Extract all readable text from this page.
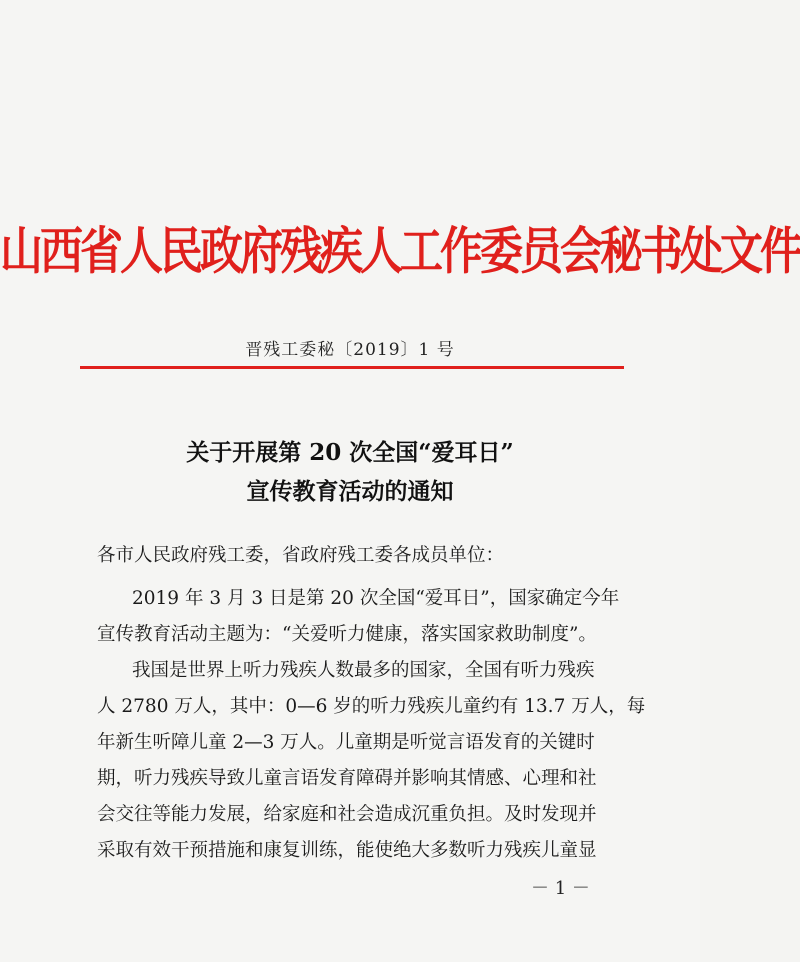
山西省人民政府残疾人工作委员会秘书处文件
晋残工委秘〔2019〕1 号
关于开展第 20 次全国“爱耳日”
宣传教育活动的通知
各市人民政府残工委，省政府残工委各成员单位：
2019 年 3 月 3 日是第 20 次全国“爱耳日”，国家确定今年
宣传教育活动主题为：“关爱听力健康，落实国家救助制度”。
我国是世界上听力残疾人数最多的国家，全国有听力残疾
人 2780 万人，其中：0—6 岁的听力残疾儿童约有 13.7 万人，每
年新生听障儿童 2—3 万人。儿童期是听觉言语发育的关键时
期，听力残疾导致儿童言语发育障碍并影响其情感、心理和社
会交往等能力发展，给家庭和社会造成沉重负担。及时发现并
采取有效干预措施和康复训练，能使绝大多数听力残疾儿童显
－ 1 －
